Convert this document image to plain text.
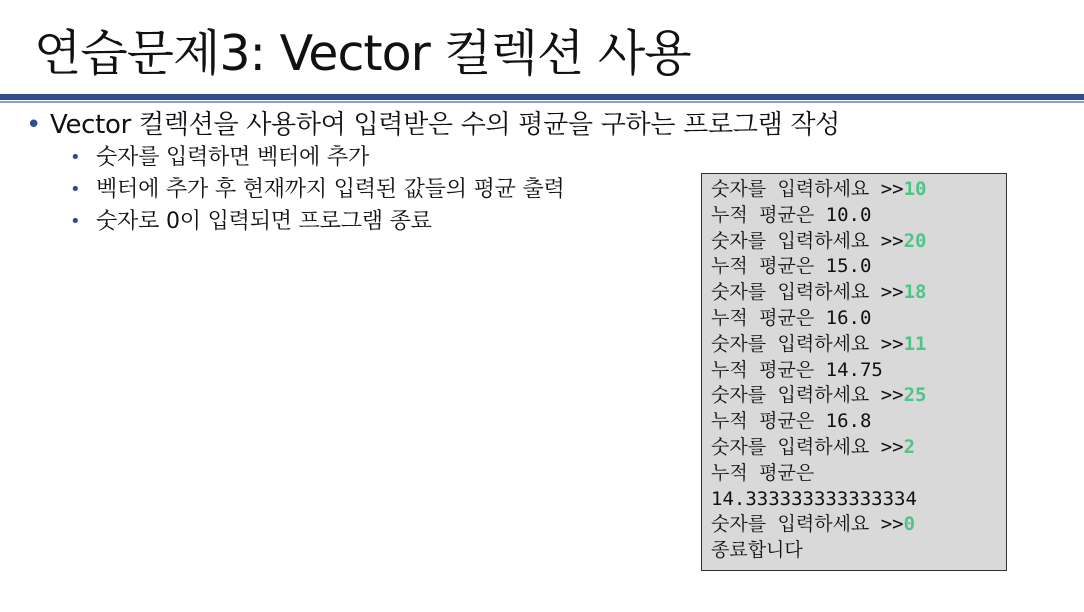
연습문제3: Vector 컬렉션 사용
• Vector 컬렉션을 사용하여 입력받은 수의 평균을 구하는 프로그램 작성
• 숫자를 입력하면 벡터에 추가
• 벡터에 추가 후 현재까지 입력된 값들의 평균 출력
• 숫자로 0이 입력되면 프로그램 종료
숫자를 입력하세요 >>10
누적 평균은 10.0
숫자를 입력하세요 >>20
누적 평균은 15.0
숫자를 입력하세요 >>18
누적 평균은 16.0
숫자를 입력하세요 >>11
누적 평균은 14.75
숫자를 입력하세요 >>25
누적 평균은 16.8
숫자를 입력하세요 >>2
누적 평균은
14.333333333333334
숫자를 입력하세요 >>0
종료합니다
